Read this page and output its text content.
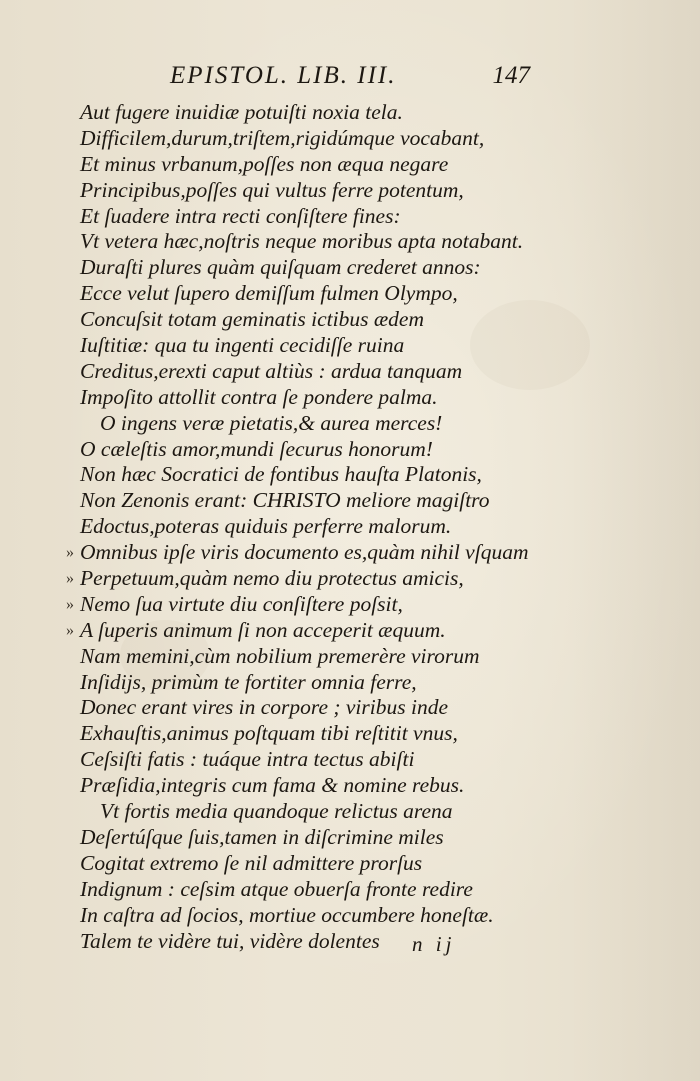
EPISTOL. LIB. III.	147
Aut fugere inuidiæ potuiſti noxia tela.
Difficilem,durum,triſtem,rigidúmque vocabant,
Et minus vrbanum,poſſes non æqua negare
Principibus,poſſes qui vultus ferre potentum,
Et ſuadere intra recti conſiſtere fines:
Vt vetera hæc,noſtris neque moribus apta notabant.
Duraſti plures quàm quiſquam crederet annos:
Ecce velut ſupero demiſſum fulmen Olympo,
Concuſsit totam geminatis ictibus ædem
Iuſtitiæ: qua tu ingenti cecidiſſe ruina
Creditus,erexti caput altiùs : ardua tanquam
Impoſito attollit contra ſe pondere palma.
O ingens veræ pietatis,& aurea merces!
O cæleſtis amor,mundi ſecurus honorum!
Non hæc Socratici de fontibus hauſta Platonis,
Non Zenonis erant: CHRISTO meliore magiſtro
Edoctus,poteras quiduis perferre malorum.
» Omnibus ipſe viris documento es,quàm nihil vſquam
» Perpetuum,quàm nemo diu protectus amicis,
» Nemo ſua virtute diu conſiſtere poſsit,
» A ſuperis animum ſi non acceperit æquum.
Nam memini,cùm nobilium premerère virorum
Inſidijs, primùm te fortiter omnia ferre,
Donec erant vires in corpore ; viribus inde
Exhauſtis,animus poſtquam tibi reſtitit vnus,
Ceſsiſti fatis : tuáque intra tectus abiſti
Præſidia,integris cum fama & nomine rebus.
Vt fortis media quandoque relictus arena
Deſertúſque ſuis,tamen in diſcrimine miles
Cogitat extremo ſe nil admittere prorſus
Indignum : ceſsim atque obuerſa fronte redire
In caſtra ad ſocios, mortiue occumbere honeſtæ.
Talem te vidère tui, vidère dolentes n ij
